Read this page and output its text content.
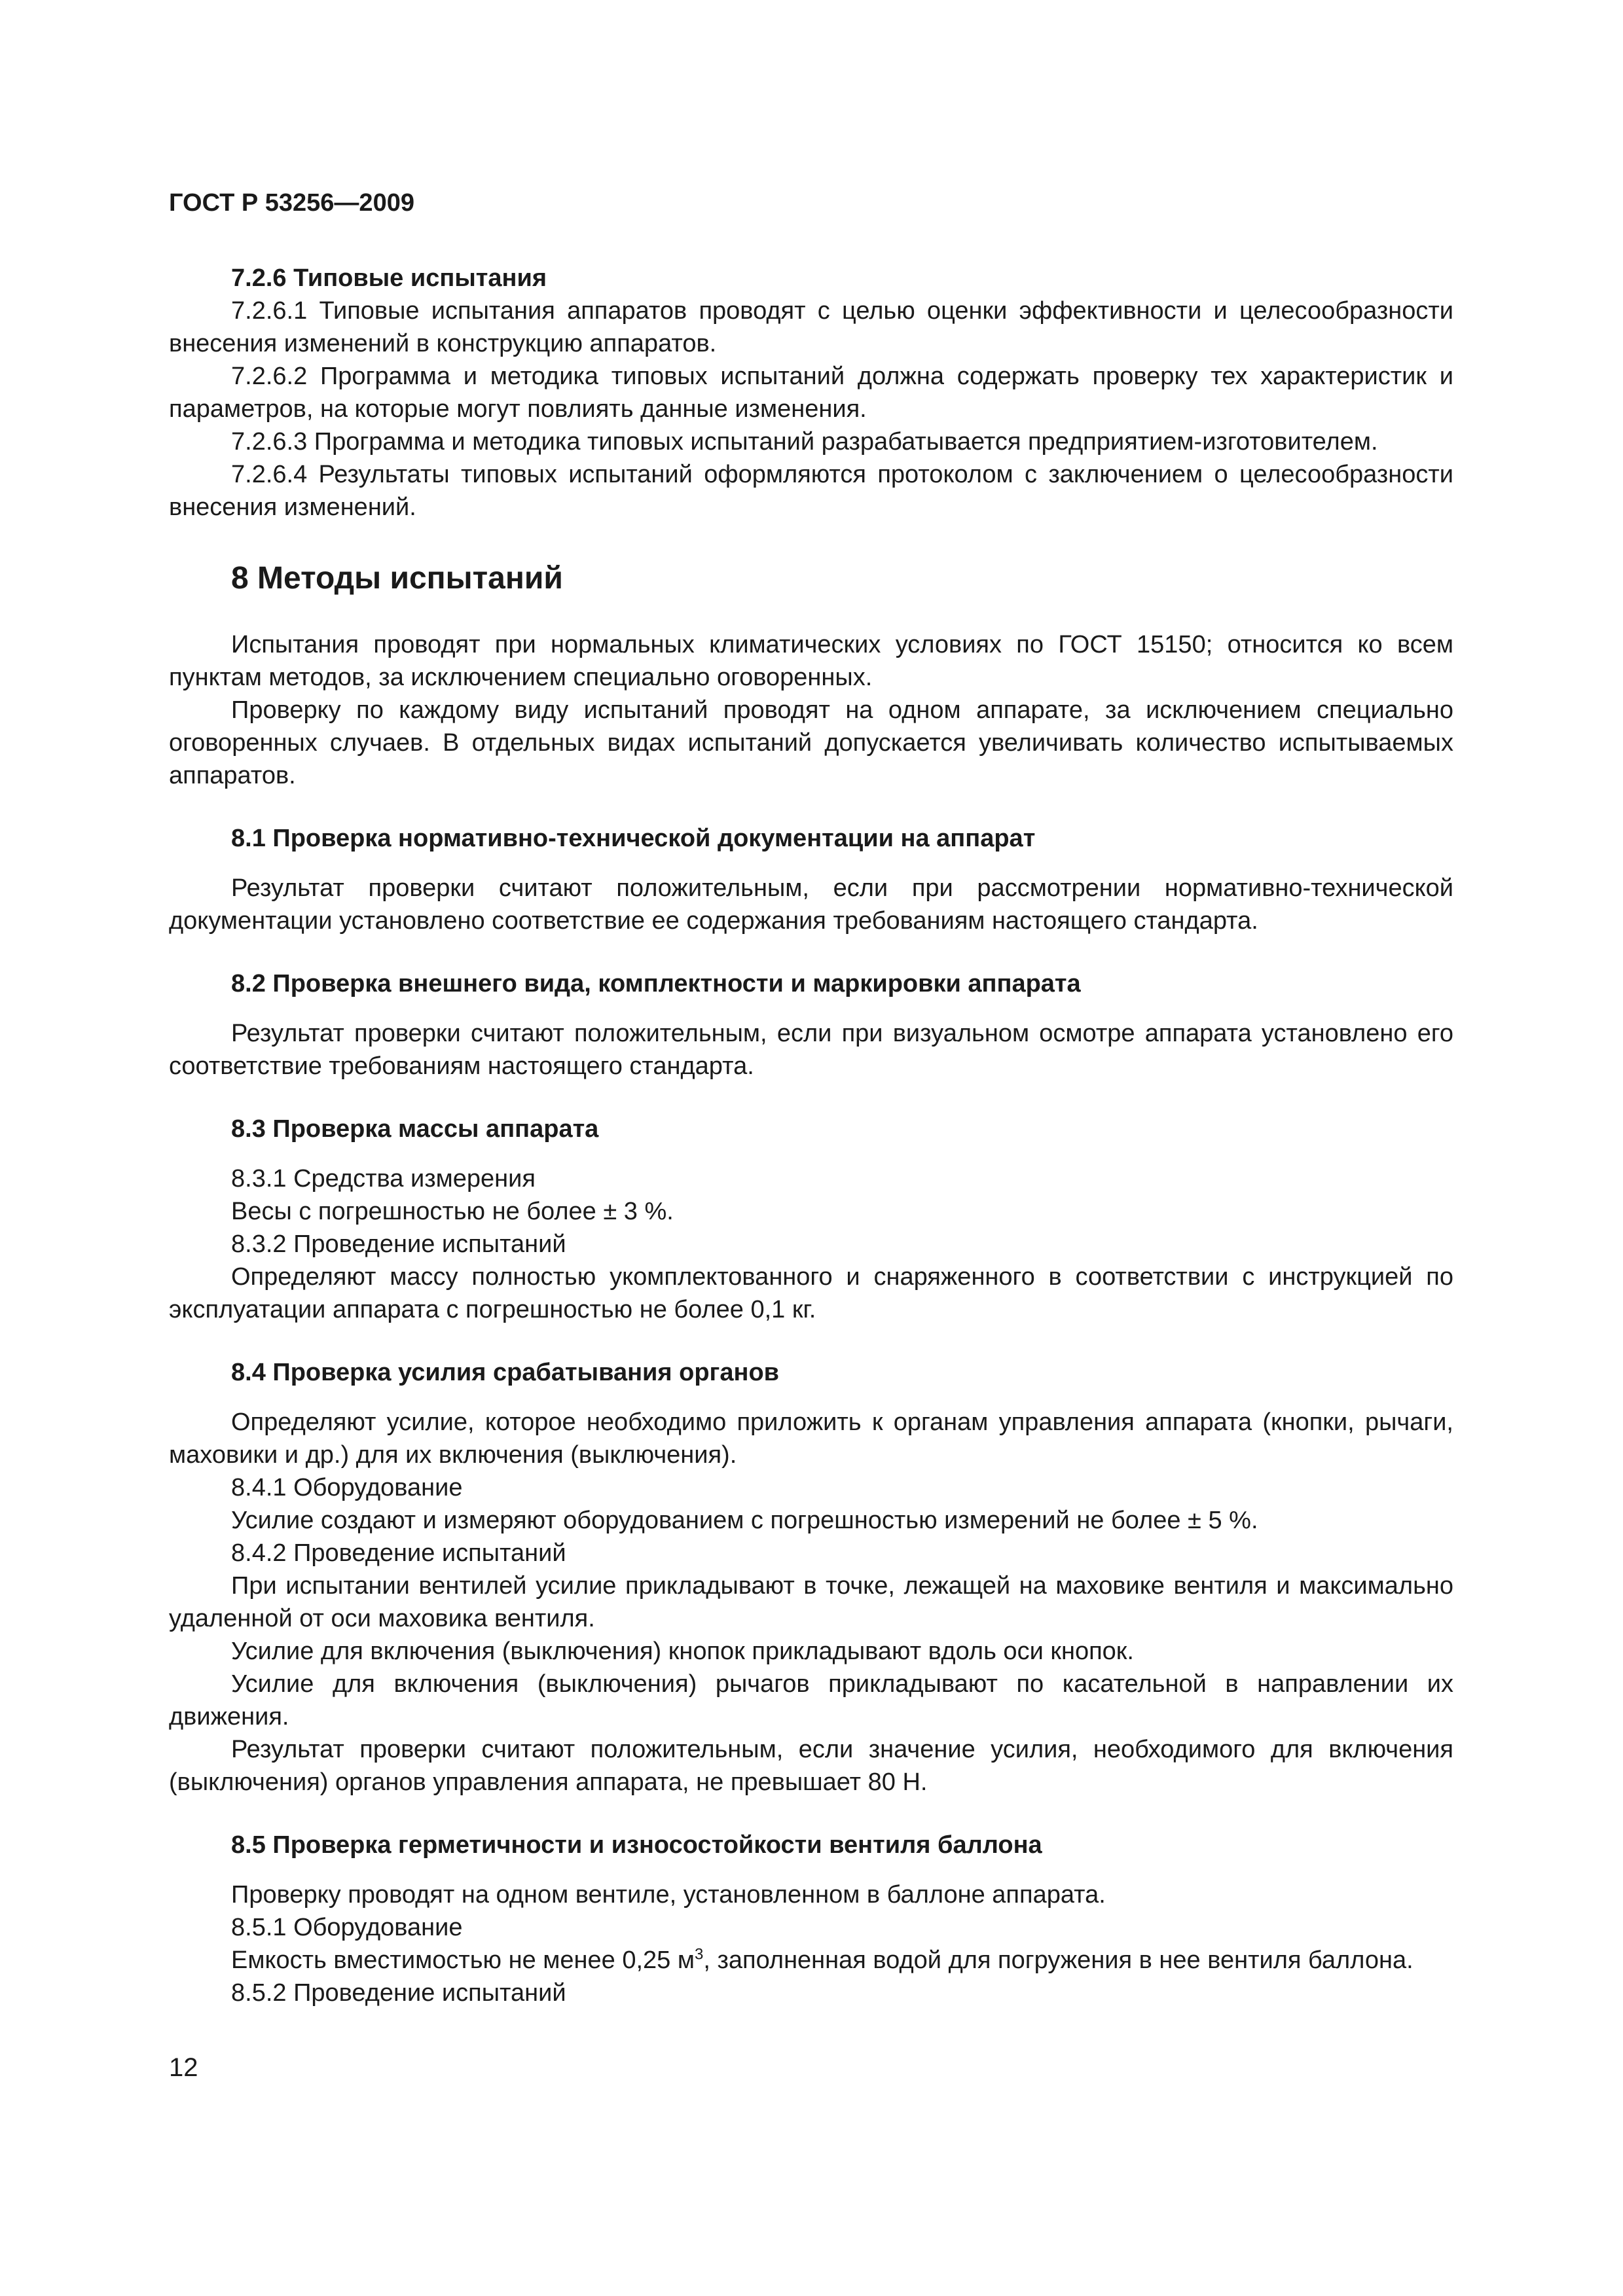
ГОСТ Р 53256—2009
7.2.6 Типовые испытания

7.2.6.1 Типовые испытания аппаратов проводят с целью оценки эффективности и целесообразности внесения изменений в конструкцию аппаратов.

7.2.6.2 Программа и методика типовых испытаний должна содержать проверку тех характеристик и параметров, на которые могут повлиять данные изменения.

7.2.6.3 Программа и методика типовых испытаний разрабатывается предприятием-изготовителем.

7.2.6.4 Результаты типовых испытаний оформляются протоколом с заключением о целесообразности внесения изменений.

8 Методы испытаний

Испытания проводят при нормальных климатических условиях по ГОСТ 15150; относится ко всем пунктам методов, за исключением специально оговоренных.

Проверку по каждому виду испытаний проводят на одном аппарате, за исключением специально оговоренных случаев. В отдельных видах испытаний допускается увеличивать количество испытываемых аппаратов.

8.1 Проверка нормативно-технической документации на аппарат

Результат проверки считают положительным, если при рассмотрении нормативно-технической документации установлено соответствие ее содержания требованиям настоящего стандарта.

8.2 Проверка внешнего вида, комплектности и маркировки аппарата

Результат проверки считают положительным, если при визуальном осмотре аппарата установлено его соответствие требованиям настоящего стандарта.

8.3 Проверка массы аппарата

8.3.1 Средства измерения

Весы с погрешностью не более ± 3 %.

8.3.2 Проведение испытаний

Определяют массу полностью укомплектованного и снаряженного в соответствии с инструкцией по эксплуатации аппарата с погрешностью не более 0,1 кг.

8.4 Проверка усилия срабатывания органов

Определяют усилие, которое необходимо приложить к органам управления аппарата (кнопки, рычаги, маховики и др.) для их включения (выключения).

8.4.1 Оборудование

Усилие создают и измеряют оборудованием с погрешностью измерений не более ± 5 %.

8.4.2 Проведение испытаний

При испытании вентилей усилие прикладывают в точке, лежащей на маховике вентиля и максимально удаленной от оси маховика вентиля.

Усилие для включения (выключения) кнопок прикладывают вдоль оси кнопок.

Усилие для включения (выключения) рычагов прикладывают по касательной в направлении их движения.

Результат проверки считают положительным, если значение усилия, необходимого для включения (выключения) органов управления аппарата, не превышает 80 Н.

8.5 Проверка герметичности и износостойкости вентиля баллона

Проверку проводят на одном вентиле, установленном в баллоне аппарата.

8.5.1 Оборудование

Емкость вместимостью не менее 0,25 $м^3$, заполненная водой для погружения в нее вентиля баллона.

8.5.2 Проведение испытаний

12
